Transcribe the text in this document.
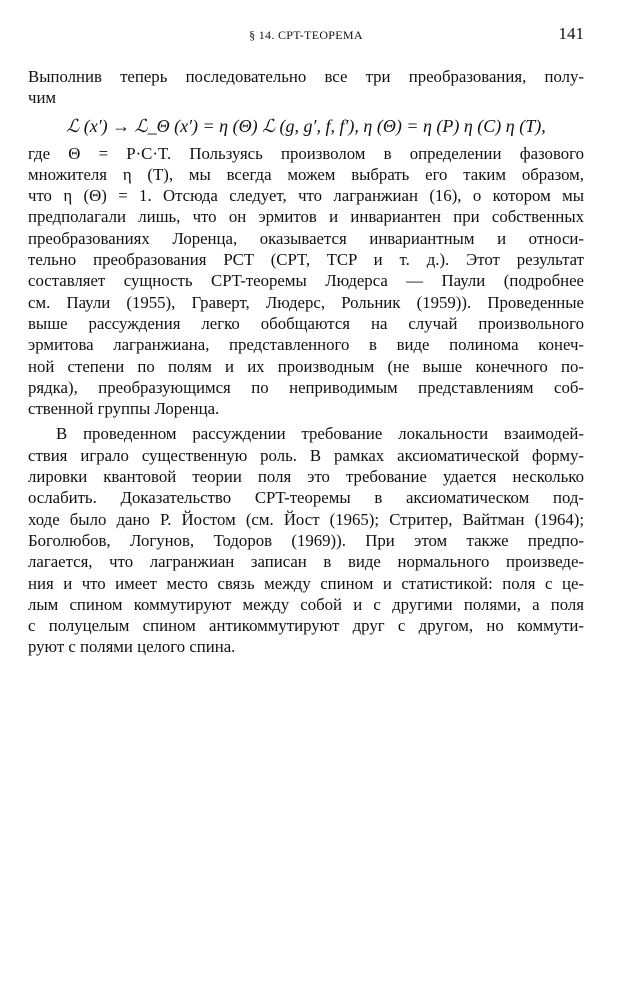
§ 14. CPT-ТЕОРЕМА	141
Выполнив теперь последовательно все три преобразования, полу-
чим
ℒ (x′) → ℒ_Θ (x′) = η (Θ) ℒ (g, g′, f, f′), η (Θ) = η (P) η (C) η (T),
где Θ = P·C·T. Пользуясь произволом в определении фазового
множителя η (T), мы всегда можем выбрать его таким образом,
что η (Θ) = 1. Отсюда следует, что лагранжиан (16), о котором мы
предполагали лишь, что он эрмитов и инвариантен при собственных
преобразованиях Лоренца, оказывается инвариантным и относи-
тельно преобразования PCT (CPT, TCP и т. д.). Этот результат
составляет сущность CPT-теоремы Людерса — Паули (подробнее
см. Паули (1955), Граверт, Людерс, Рольник (1959)). Проведенные
выше рассуждения легко обобщаются на случай произвольного
эрмитова лагранжиана, представленного в виде полинома конеч-
ной степени по полям и их производным (не выше конечного по-
рядка), преобразующимся по неприводимым представлениям соб-
ственной группы Лоренца.
В проведенном рассуждении требование локальности взаимодей-
ствия играло существенную роль. В рамках аксиоматической форму-
лировки квантовой теории поля это требование удается несколько
ослабить. Доказательство CPT-теоремы в аксиоматическом под-
ходе было дано Р. Йостом (см. Йост (1965); Стритер, Вайтман (1964);
Боголюбов, Логунов, Тодоров (1969)). При этом также предпо-
лагается, что лагранжиан записан в виде нормального произведе-
ния и что имеет место связь между спином и статистикой: поля с це-
лым спином коммутируют между собой и с другими полями, а поля
с полуцелым спином антикоммутируют друг с другом, но коммути-
руют с полями целого спина.
